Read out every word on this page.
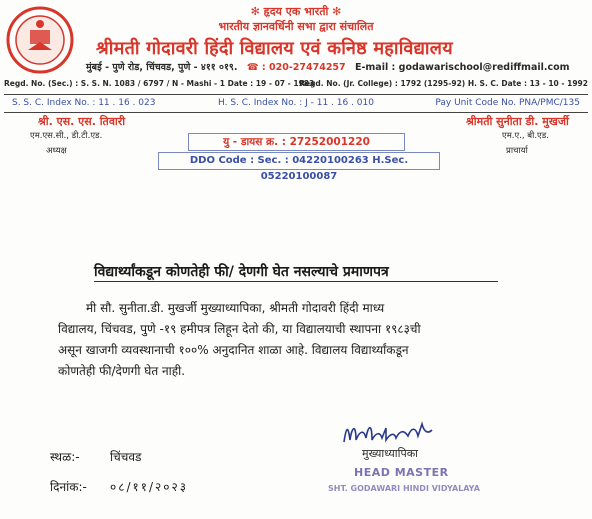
✻ हृदय एक भारती ✻
भारतीय ज्ञानवर्धिनी सभा द्वारा संचालित
श्रीमती गोदावरी हिंदी विद्यालय एवं कनिष्ठ महाविद्यालय
मुंबई - पुणे रोड, चिंचवड, पुणे - ४११ ०१९. ☎ : 020-27474257 E-mail : godawarischool@rediffmail.com
Regd. No. (Sec.) : S. S. N. 1083 / 6797 / N - Mashi - 1 Date : 19 - 07 - 1983
Regd. No. (Jr. College) : 1792 (1295-92) H. S. C. Date : 13 - 10 - 1992
S. S. C. Index No. : 11 . 16 . 023	H. S. C. Index No. : J - 11 . 16 . 010	Pay Unit Code No. PNA/PMC/135
श्री. एस. एस. तिवारी
एम.एस.सी., डी.टी.एड.
अध्यक्ष
यु - डायस क्र. : 27252001220
DDO Code : Sec. : 04220100263 H.Sec. 05220100087
श्रीमती सुनीता डी. मुखर्जी
एम.ए., बी.एड.
प्राचार्या
विद्यार्थ्यांकडून कोणतेही फी/ देणगी घेत नसल्याचे प्रमाणपत्र
मी सौ. सुनीता.डी. मुखर्जी मुख्याध्यापिका, श्रीमती गोदावरी हिंदी माध्य
विद्यालय, चिंचवड, पुणे -१९ हमीपत्र लिहून देतो की, या विद्यालयाची स्थापना १९८३ची
असून खाजगी व्यवस्थानाची १००% अनुदानित शाळा आहे. विद्यालय विद्यार्थ्यांकडून
कोणतेही फी/देणगी घेत नाही.
स्थळ:-	चिंचवड
दिनांक:- ०८/११/२०२३
मुख्याध्यापिका
HEAD MASTER
SHT. GODAWARI HINDI VIDYALAYA
